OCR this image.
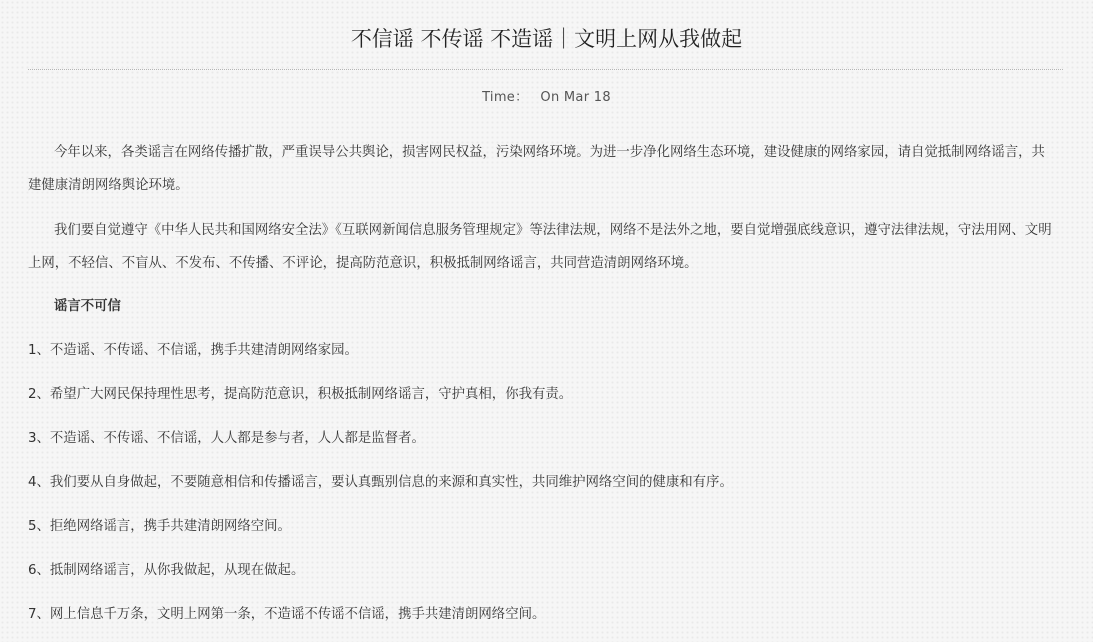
不信谣 不传谣 不造谣｜文明上网从我做起
Time： On Mar 18

今年以来，各类谣言在网络传播扩散，严重误导公共舆论，损害网民权益，污染网络环境。为进一步净化网络生态环境，建设健康的网络家园，请自觉抵制网络谣言，共建健康清朗网络舆论环境。

我们要自觉遵守《中华人民共和国网络安全法》《互联网新闻信息服务管理规定》等法律法规，网络不是法外之地，要自觉增强底线意识，遵守法律法规，守法用网、文明上网，不轻信、不盲从、不发布、不传播、不评论，提高防范意识，积极抵制网络谣言，共同营造清朗网络环境。

谣言不可信

1、不造谣、不传谣、不信谣，携手共建清朗网络家园。
2、希望广大网民保持理性思考，提高防范意识，积极抵制网络谣言，守护真相，你我有责。
3、不造谣、不传谣、不信谣，人人都是参与者，人人都是监督者。
4、我们要从自身做起，不要随意相信和传播谣言，要认真甄别信息的来源和真实性，共同维护网络空间的健康和有序。
5、拒绝网络谣言，携手共建清朗网络空间。
6、抵制网络谣言，从你我做起，从现在做起。
7、网上信息千万条，文明上网第一条，不造谣不传谣不信谣，携手共建清朗网络空间。
